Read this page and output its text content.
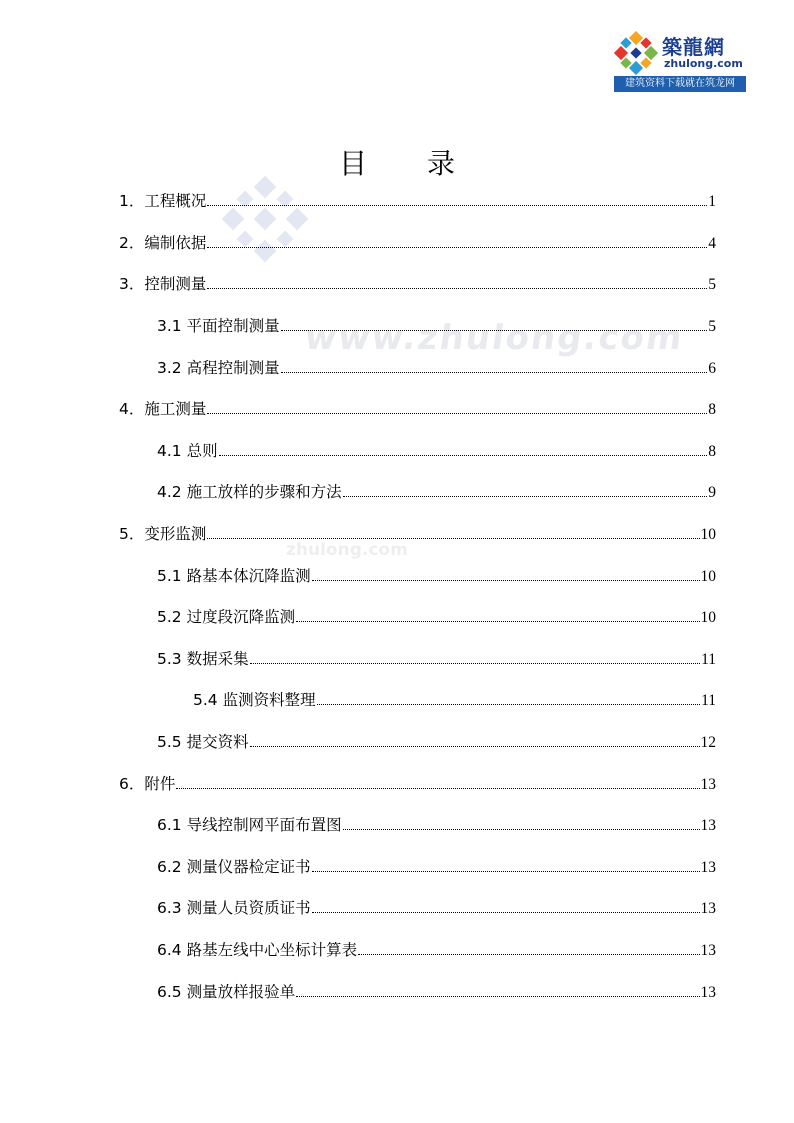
築龍網
zhulong.com
建筑资料下载就在筑龙网
www.zhulong.com
zhulong.com
目录
1．工程概况	1
2．编制依据	4
3．控制测量	5
3.1 平面控制测量	5
3.2 高程控制测量	6
4．施工测量	8
4.1 总则	8
4.2 施工放样的步骤和方法	9
5．变形监测	10
5.1 路基本体沉降监测	10
5.2 过度段沉降监测	10
5.3 数据采集	11
5.4 监测资料整理	11
5.5 提交资料	12
6．附件	13
6.1 导线控制网平面布置图	13
6.2 测量仪器检定证书	13
6.3 测量人员资质证书	13
6.4 路基左线中心坐标计算表	13
6.5 测量放样报验单	13
